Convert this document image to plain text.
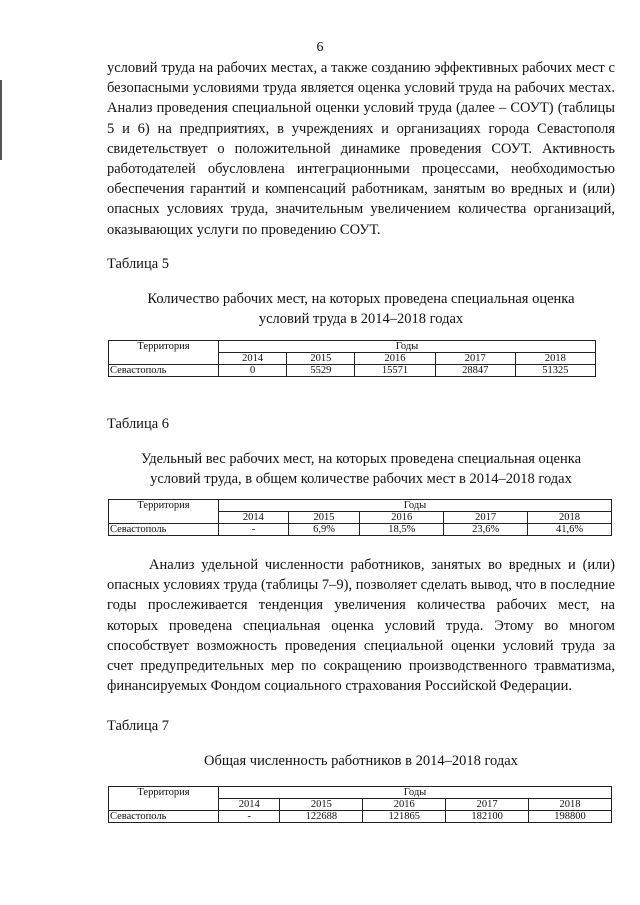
6

условий труда на рабочих местах, а также созданию эффективных рабочих мест с безопасными условиями труда является оценка условий труда на рабочих местах. Анализ проведения специальной оценки условий труда (далее – СОУТ) (таблицы 5 и 6) на предприятиях, в учреждениях и организациях города Севастополя свидетельствует о положительной динамике проведения СОУТ. Активность работодателей обусловлена интеграционными процессами, необходимостью обеспечения гарантий и компенсаций работникам, занятым во вредных и (или) опасных условиях труда, значительным увеличением количества организаций, оказывающих услуги по проведению СОУТ.

Таблица 5

Количество рабочих мест, на которых проведена специальная оценка
условий труда в 2014–2018 годах

Территория	Годы				
	2014	2015	2016	2017	2018
Севастополь	0	5529	15571	28847	51325
Таблица 6

Удельный вес рабочих мест, на которых проведена специальная оценка
условий труда, в общем количестве рабочих мест в 2014–2018 годах

Территория	Годы				
	2014	2015	2016	2017	2018
Севастополь	-	6,9%	18,5%	23,6%	41,6%

Анализ удельной численности работников, занятых во вредных и (или) опасных условиях труда (таблицы 7–9), позволяет сделать вывод, что в последние годы прослеживается тенденция увеличения количества рабочих мест, на которых проведена специальная оценка условий труда. Этому во многом способствует возможность проведения специальной оценки условий труда за счет предупредительных мер по сокращению производственного травматизма, финансируемых Фондом социального страхования Российской Федерации.

Таблица 7

Общая численность работников в 2014–2018 годах

Территория	Годы				
	2014	2015	2016	2017	2018
Севастополь	-	122688	121865	182100	198800
